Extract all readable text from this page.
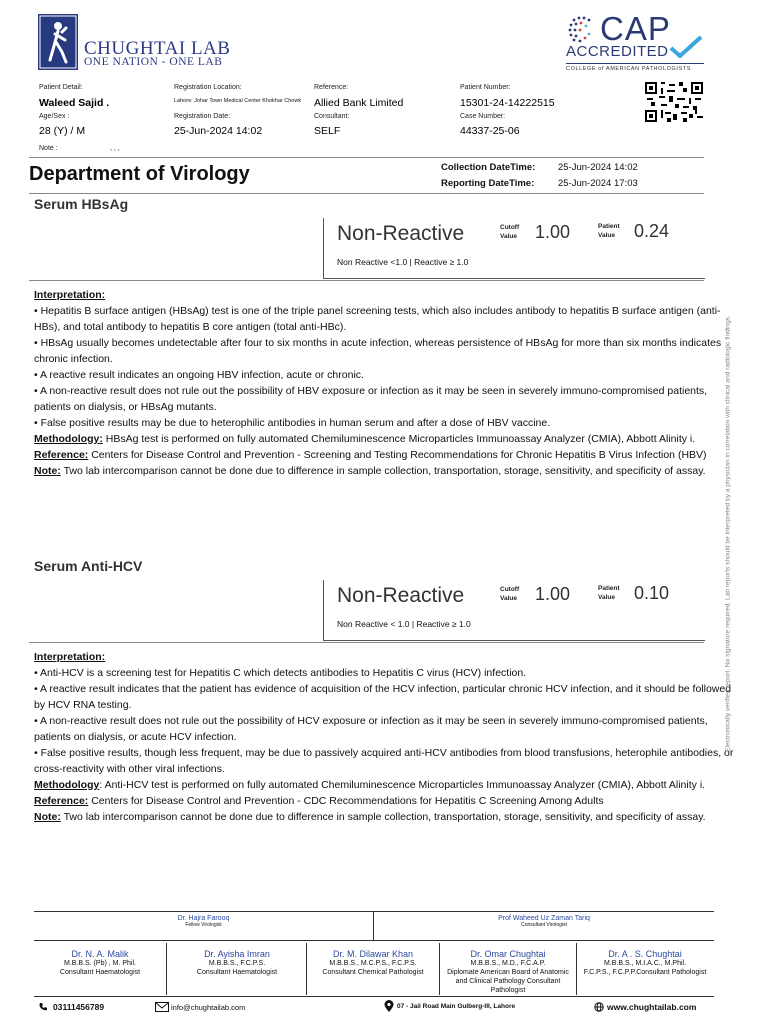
CHUGHTAI LAB
ONE NATION - ONE LAB
CAP
ACCREDITED
COLLEGE of AMERICAN PATHOLOGISTS
Patient Detail:
Waleed Sajid .
Age/Sex :
28 (Y) / M
Registration Location:
Lahore: Johar Town Medical Center Khokhar Chowk
Registration Date:
25-Jun-2024 14:02
Reference:
Allied Bank Limited
Consultant:
SELF
Patient Number:
15301-24-14222515
Case Number:
44337-25-06
Note :	, , ,
Department of Virology	Collection DateTime: 25-Jun-2024 14:02
Reporting DateTime: 25-Jun-2024 17:03
Serum HBsAg
Non-Reactive	Cutoff
Value 1.00	Patient
Value 0.24
Non Reactive <1.0 | Reactive ≥ 1.0

Interpretation:

• Hepatitis B surface antigen (HBsAg) test is one of the triple panel screening tests, which also includes antibody to hepatitis B surface antigen (anti-HBs), and total antibody to hepatitis B core antigen (total anti-HBc).

• HBsAg usually becomes undetectable after four to six months in acute infection, whereas persistence of HBsAg for more than six months indicates chronic infection.

• A reactive result indicates an ongoing HBV infection, acute or chronic.

• A non-reactive result does not rule out the possibility of HBV exposure or infection as it may be seen in severely immuno-compromised patients, patients on dialysis, or HBsAg mutants.

• False positive results may be due to heterophilic antibodies in human serum and after a dose of HBV vaccine.

Methodology: HBsAg test is performed on fully automated Chemiluminescence Microparticles Immunoassay Analyzer (CMIA), Abbott Alinity i.

Reference: Centers for Disease Control and Prevention - Screening and Testing Recommendations for Chronic Hepatitis B Virus Infection (HBV)

Note: Two lab intercomparison cannot be done due to difference in sample collection, transportation, storage, sensitivity, and specificity of assay.

Serum Anti-HCV
Non-Reactive	Cutoff
Value 1.00	Patient
Value 0.10
Non Reactive < 1.0 | Reactive ≥ 1.0

Interpretation:

• Anti-HCV is a screening test for Hepatitis C which detects antibodies to Hepatitis C virus (HCV) infection.

• A reactive result indicates that the patient has evidence of acquisition of the HCV infection, particular chronic HCV infection, and it should be followed by HCV RNA testing.

• A non-reactive result does not rule out the possibility of HCV exposure or infection as it may be seen in severely immuno-compromised patients, patients on dialysis, or acute HCV infection.

• False positive results, though less frequent, may be due to passively acquired anti-HCV antibodies from blood transfusions, heterophile antibodies, or cross-reactivity with other viral infections.

Methodology: Anti-HCV test is performed on fully automated Chemiluminescence Microparticles Immunoassay Analyzer (CMIA), Abbott Alinity i.

Reference: Centers for Disease Control and Prevention - CDC Recommendations for Hepatitis C Screening Among Adults

Note: Two lab intercomparison cannot be done due to difference in sample collection, transportation, storage, sensitivity, and specificity of assay.

Electronically verified report. No signature required. Lab reports should be interpreted by a physician in correlation with clinical and radiologic findings.
Dr. Hajra Farooq
Fellow Virologist
Prof Waheed Uz Zaman Tariq
Consultant Virologist
Dr. N. A. Malik
M.B.B.S. (Pb) , M. Phil.
Consultant Haematologist
Dr. Ayisha Imran
M.B.B.S., F.C.P.S.
Consultant Haematologist
Dr. M. Dilawar Khan
M.B.B.S., M.C.P.S., F.C.P.S.
Consultant Chemical Pathologist
Dr. Omar Chughtai
M.B.B.S., M.D., F.C.A.P.
Diplomate American Board of Anatomic
and Clinical Pathology Consultant Pathologist
Dr. A . S. Chughtai
M.B.B.S., M.I.A.C., M.Phil.
F.C.P.S., F.C.P.P.Consultant Pathologist
03111456789	info@chughtailab.com	07 - Jail Road Main Gulberg-III, Lahore	www.chughtailab.com
